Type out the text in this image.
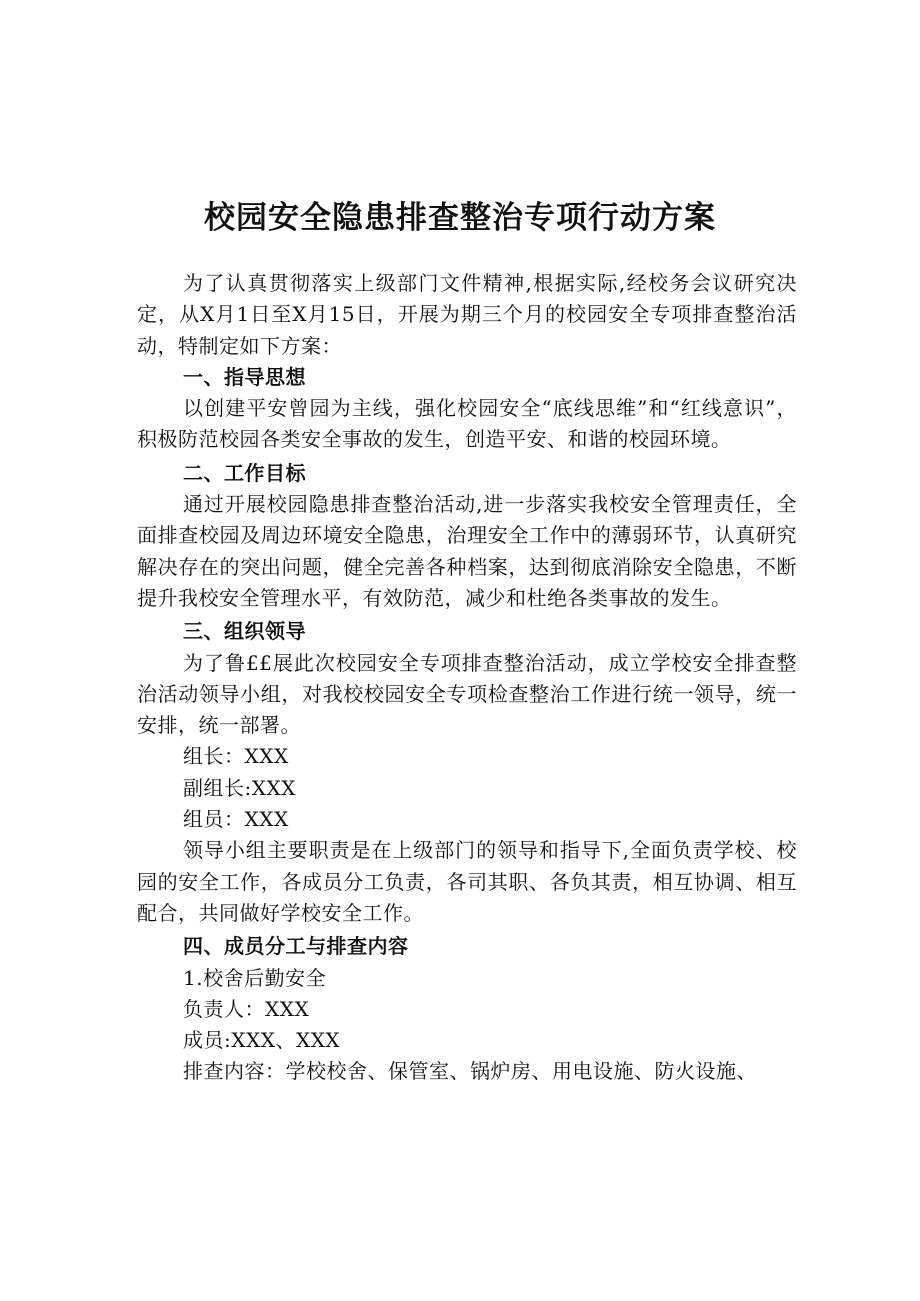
校园安全隐患排查整治专项行动方案

为了认真贯彻落实上级部门文件精神,根据实际,经校务会议研究决定，从X月1日至X月15日，开展为期三个月的校园安全专项排查整治活动，特制定如下方案：

一、指导思想

以创建平安曾园为主线，强化校园安全“底线思维”和“红线意识”，积极防范校园各类安全事故的发生，创造平安、和谐的校园环境。

二、工作目标

通过开展校园隐患排查整治活动,进一步落实我校安全管理责任，全面排查校园及周边环境安全隐患，治理安全工作中的薄弱环节，认真研究解决存在的突出问题，健全完善各种档案，达到彻底消除安全隐患，不断提升我校安全管理水平，有效防范，减少和杜绝各类事故的发生。

三、组织领导

为了鲁££展此次校园安全专项排查整治活动，成立学校安全排查整治活动领导小组，对我校校园安全专项检查整治工作进行统一领导，统一安排，统一部署。

组长：XXX

副组长:XXX

组员：XXX

领导小组主要职责是在上级部门的领导和指导下,全面负责学校、校园的安全工作，各成员分工负责，各司其职、各负其责，相互协调、相互配合，共同做好学校安全工作。

四、成员分工与排查内容

1.校舍后勤安全

负责人：XXX

成员:XXX、XXX

排查内容：学校校舍、保管室、锅炉房、用电设施、防火设施、
